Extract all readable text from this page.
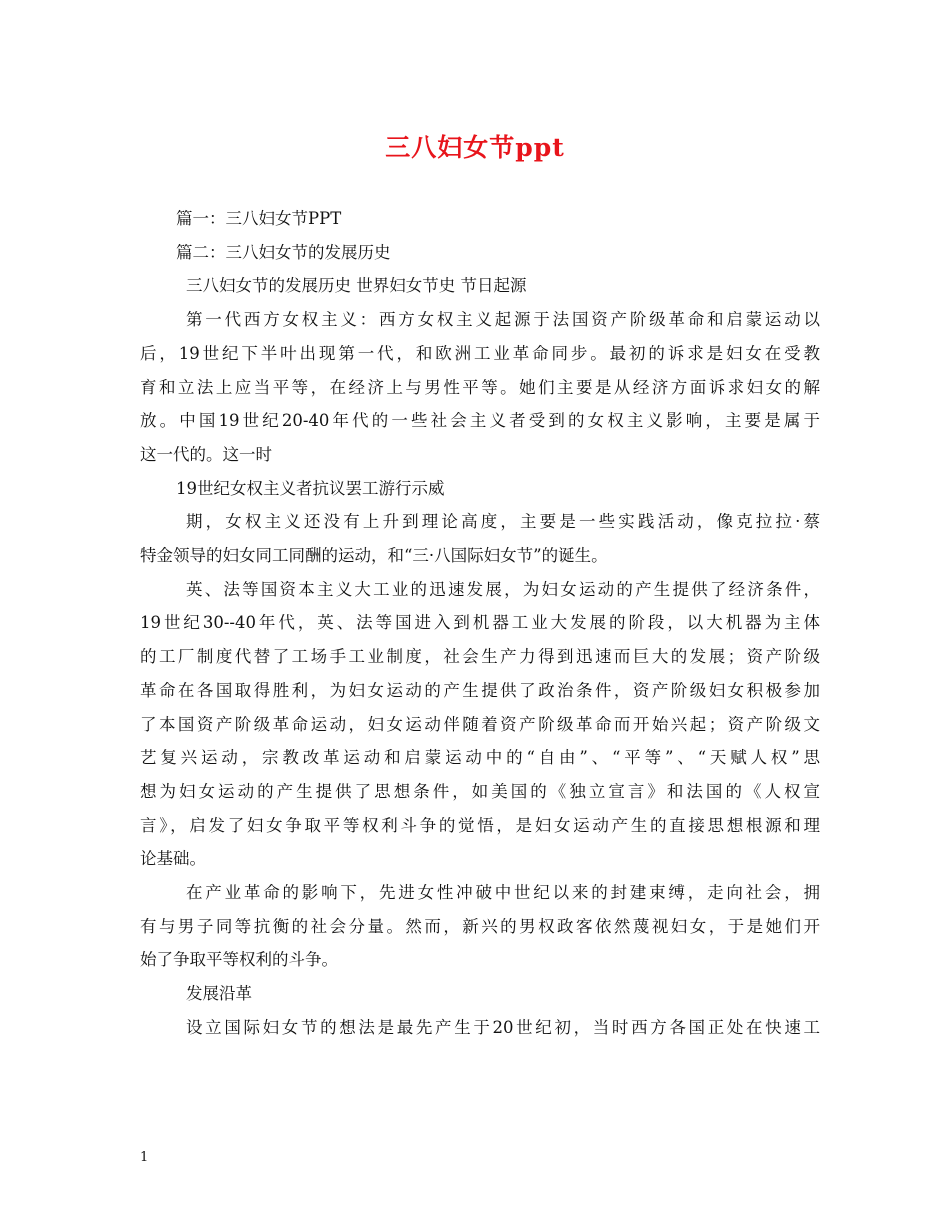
三八妇女节ppt
篇一：三八妇女节PPT
篇二：三八妇女节的发展历史
三八妇女节的发展历史 世界妇女节史 节日起源
第一代西方女权主义：西方女权主义起源于法国资产阶级革命和启蒙运动以
后，19世纪下半叶出现第一代，和欧洲工业革命同步。最初的诉求是妇女在受教
育和立法上应当平等，在经济上与男性平等。她们主要是从经济方面诉求妇女的解
放。中国19世纪20-40年代的一些社会主义者受到的女权主义影响，主要是属于
这一代的。这一时
19世纪女权主义者抗议罢工游行示威
期，女权主义还没有上升到理论高度，主要是一些实践活动，像克拉拉·蔡
特金领导的妇女同工同酬的运动，和“三·八国际妇女节”的诞生。
英、法等国资本主义大工业的迅速发展，为妇女运动的产生提供了经济条件，
19世纪30--40年代，英、法等国进入到机器工业大发展的阶段，以大机器为主体
的工厂制度代替了工场手工业制度，社会生产力得到迅速而巨大的发展；资产阶级
革命在各国取得胜利，为妇女运动的产生提供了政治条件，资产阶级妇女积极参加
了本国资产阶级革命运动，妇女运动伴随着资产阶级革命而开始兴起；资产阶级文
艺复兴运动，宗教改革运动和启蒙运动中的“自由”、“平等”、“天赋人权”思
想为妇女运动的产生提供了思想条件，如美国的《独立宣言》和法国的《人权宣
言》，启发了妇女争取平等权利斗争的觉悟，是妇女运动产生的直接思想根源和理
论基础。
在产业革命的影响下，先进女性冲破中世纪以来的封建束缚，走向社会，拥
有与男子同等抗衡的社会分量。然而，新兴的男权政客依然蔑视妇女，于是她们开
始了争取平等权利的斗争。
发展沿革
设立国际妇女节的想法是最先产生于20世纪初，当时西方各国正处在快速工
1
